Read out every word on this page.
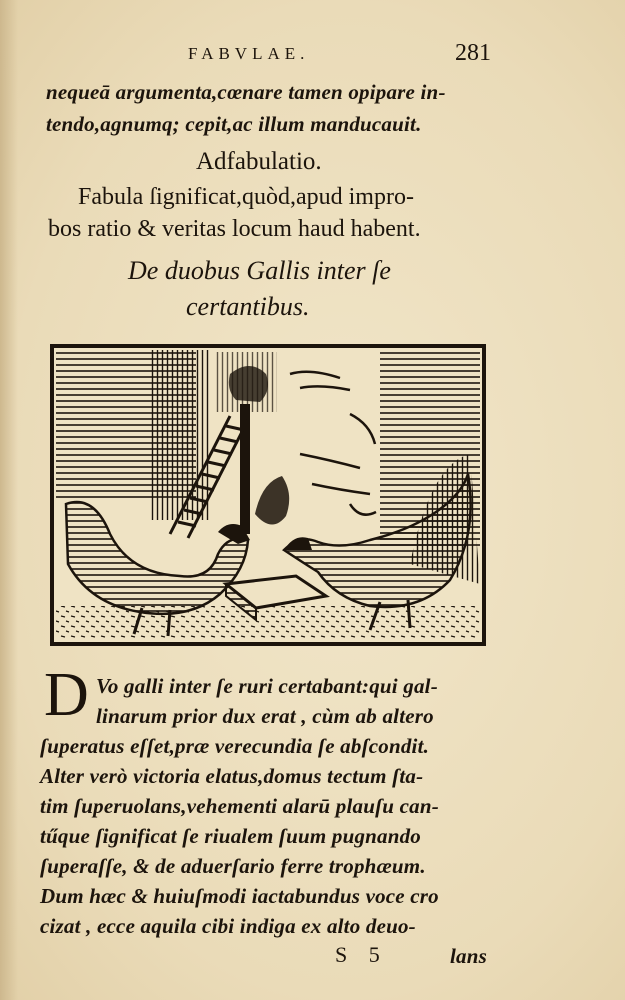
FABVLAE.	281
nequeā argumenta,cœnare tamen opipare in-
tendo,agnumq; cepit,ac illum manducauit.
Adfabulatio.
Fabula ſignificat,quòd,apud impro-
bos ratio & veritas locum haud habent.
De duobus Gallis inter ſe
certantibus.
D Vo galli inter ſe ruri certabant:qui gal-
linarum prior dux erat , cùm ab altero
ſuperatus eſſet,præ verecundia ſe abſcondit.
Alter verò victoria elatus,domus tectum ſta-
tim ſuperuolans,vehementi alarū plauſu can-
tűque ſignificat ſe riualem ſuum pugnando
ſuperaſſe, & de aduerſario ferre trophæum.
Dum hæc & huiuſmodi iactabundus voce cro
cizat , ecce aquila cibi indiga ex alto deuo-
S 5	lans
